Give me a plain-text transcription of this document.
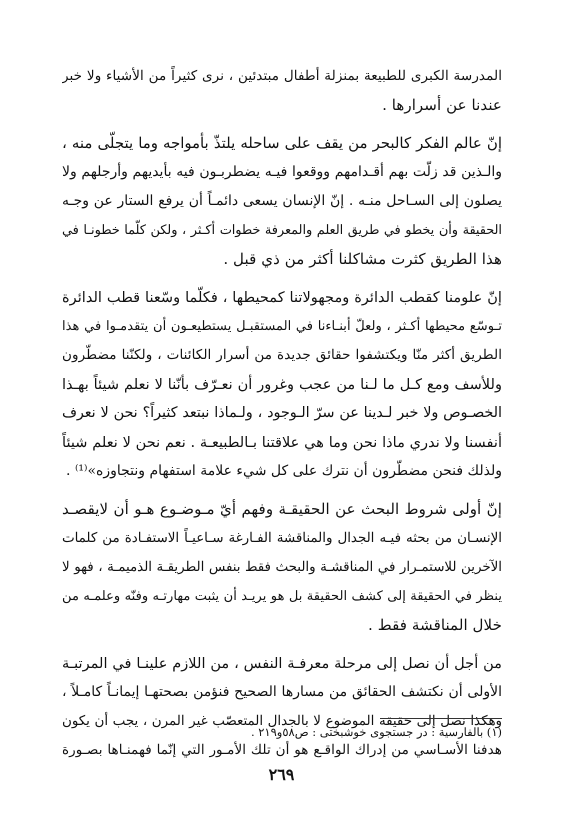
المدرسة الكبرى للطبيعة بمنزلة أطفال مبتدئين ، نرى كثيراً من الأشياء ولا خبر
عندنا عن أسرارها .
إنّ عالم الفكر كالبحر من يقف على ساحله يلتذّ بأمواجه وما يتجلّى منه ،
والـذين قد زلّت بهم أقـدامهم ووقعوا فيـه يضطربـون فيه بأيديهم وأرجلهم ولا
يصلون إلى السـاحل منـه . إنّ الإنسان يسعى دائمـاً أن يرفع الستار عن وجـه
الحقيقة وأن يخطو في طريق العلم والمعرفة خطوات أكـثر ، ولكن كلّما خطونـا في
هذا الطريق كثرت مشاكلنا أكثر من ذي قبل .
إنّ علومنا كقطب الدائرة ومجهولاتنا كمحيطها ، فكلّما وسّعنا قطب الدائرة
تـوسّع محيطها أكـثر ، ولعلّ أبنـاءنا في المستقبـل يستطيعـون أن يتقدمـوا في هذا
الطريق أكثر منّا ويكتشفوا حقائق جديدة من أسرار الكائنات ، ولكنّنا مضطّرون
وللأسف ومع كـل ما لـنا من عجب وغرور أن نعـرّف بأنّنا لا نعلم شيئاً بهـذا
الخصـوص ولا خبر لـدينا عن سرّ الـوجود ، ولـماذا نبتعد كثيراً؟ نحن لا نعرف
أنفسنا ولا ندري ماذا نحن وما هي علاقتنا بـالطبيعـة . نعم نحن لا نعلم شيئاً
ولذلك فنحن مضطّرون أن نترك على كل شيء علامة استفهام ونتجاوزه»⁽¹⁾ .
إنّ أولى شروط البحث عن الحقيقـة وفهم أيّ مـوضـوع هـو أن لايقصـد
الإنسـان من بحثه فيـه الجدال والمناقشة الفـارغة سـاعيـاً الاستفـادة من كلمات
الآخرين للاستمـرار في المناقشـة والبحث فقط بنفس الطريقـة الذميمـة ، فهو لا
ينظر في الحقيقة إلى كشف الحقيقة بل هو يريـد أن يثبت مهارتـه وفنّه وعلمـه من
خلال المناقشة فقط .
من أجل أن نصل إلى مرحلة معرفـة النفس ، من اللازم علينـا في المرتبـة
الأولى أن نكتشف الحقائق من مسارها الصحيح فنؤمن بصحتهـا إيمانـاً كامـلاً ،
وهكذا نصل إلى حقيقة الموضوع لا بالجدال المتعصّب غير المرن ، يجب أن يكون
هدفنا الأسـاسي من إدراك الواقـع هو أن تلك الأمـور التي إنّما فهمنـاها بصـورة
(١) بالفارسية : در جستجوى خوشبختى : ص٥٨و٢١٩ .
٢٦٩
